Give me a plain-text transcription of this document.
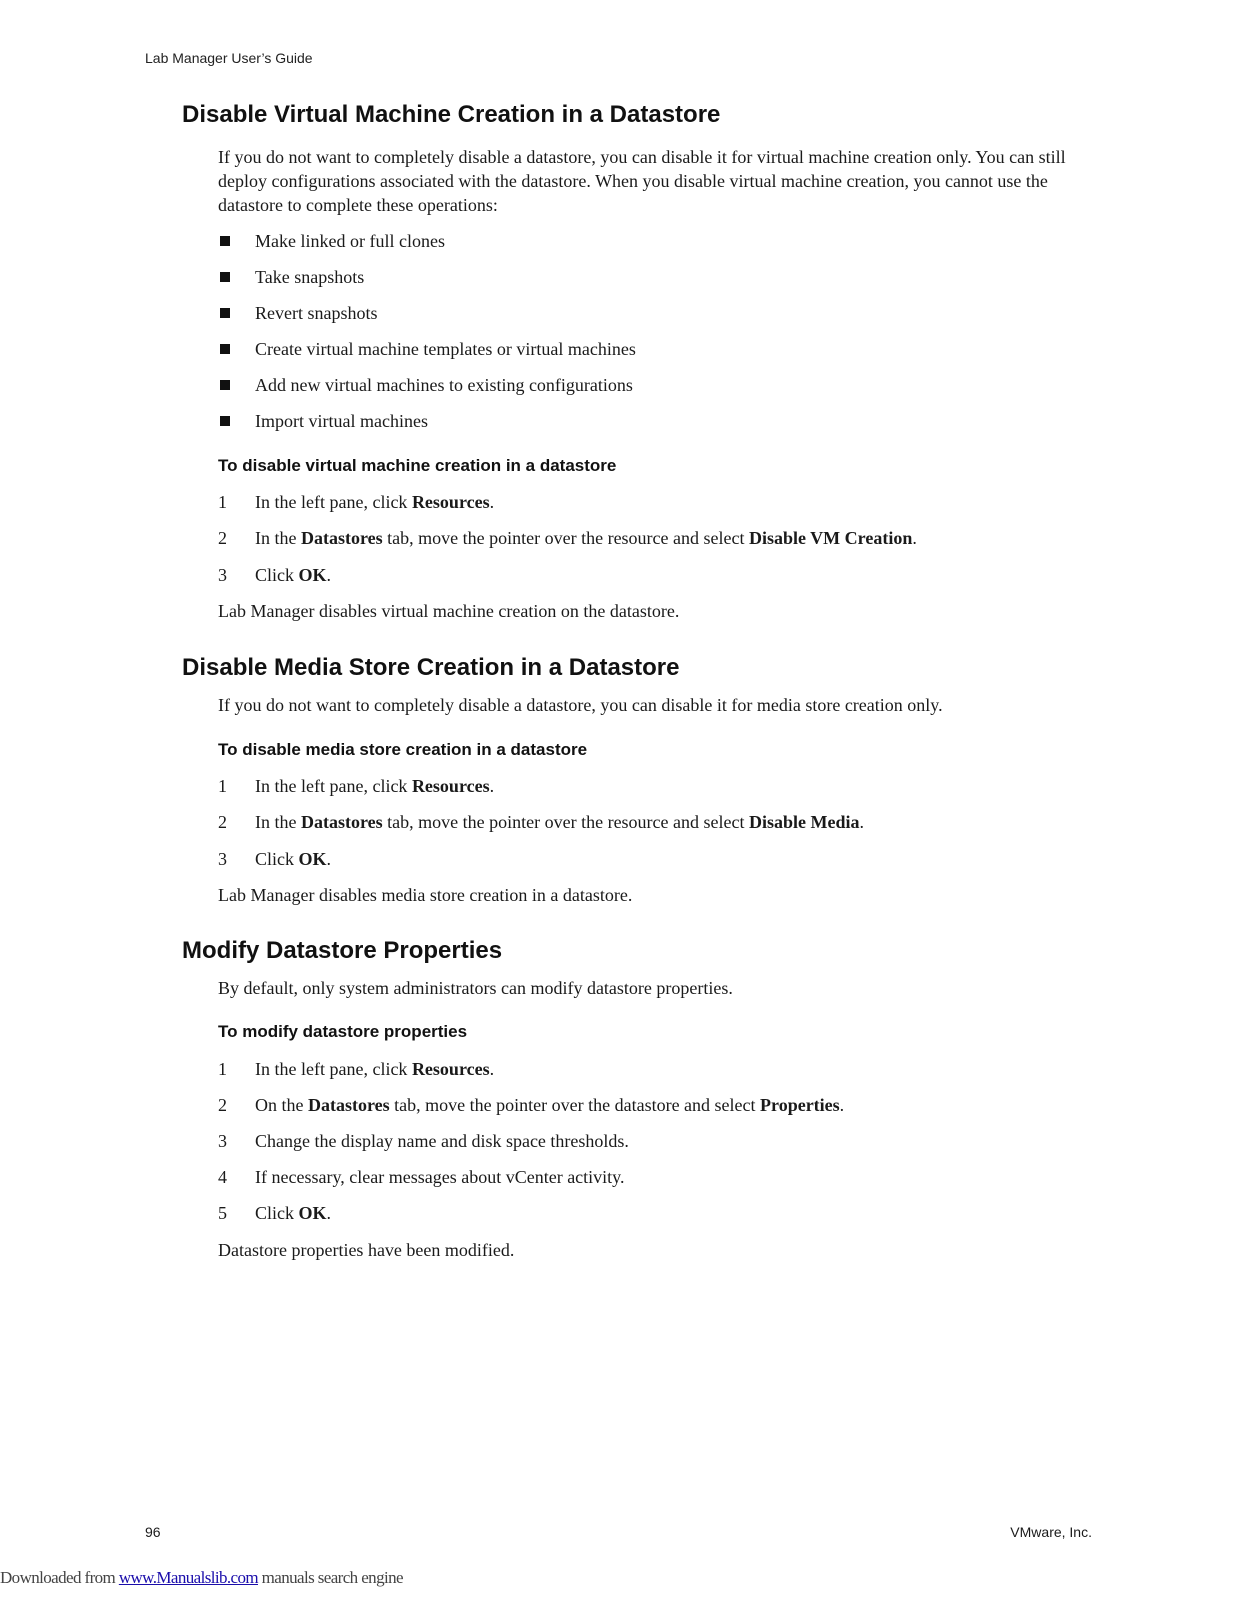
Lab Manager User’s Guide
Disable Virtual Machine Creation in a Datastore
If you do not want to completely disable a datastore, you can disable it for virtual machine creation only. You can still deploy configurations associated with the datastore. When you disable virtual machine creation, you cannot use the datastore to complete these operations:
Make linked or full clones
Take snapshots
Revert snapshots
Create virtual machine templates or virtual machines
Add new virtual machines to existing configurations
Import virtual machines
To disable virtual machine creation in a datastore
1 In the left pane, click Resources.
2 In the Datastores tab, move the pointer over the resource and select Disable VM Creation.
3 Click OK.
Lab Manager disables virtual machine creation on the datastore.
Disable Media Store Creation in a Datastore
If you do not want to completely disable a datastore, you can disable it for media store creation only.
To disable media store creation in a datastore
1 In the left pane, click Resources.
2 In the Datastores tab, move the pointer over the resource and select Disable Media.
3 Click OK.
Lab Manager disables media store creation in a datastore.
Modify Datastore Properties
By default, only system administrators can modify datastore properties.
To modify datastore properties
1 In the left pane, click Resources.
2 On the Datastores tab, move the pointer over the datastore and select Properties.
3 Change the display name and disk space thresholds.
4 If necessary, clear messages about vCenter activity.
5 Click OK.
Datastore properties have been modified.
96	VMware, Inc.
Downloaded from www.Manualslib.com manuals search engine
